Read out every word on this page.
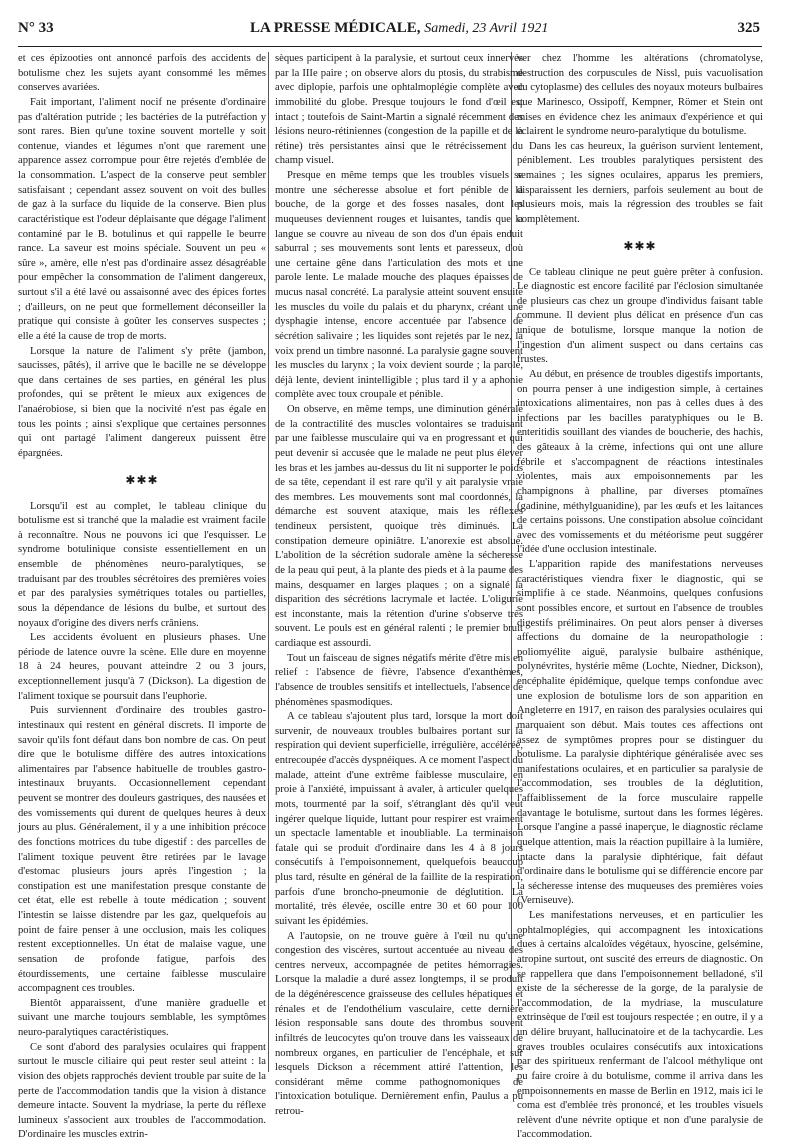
N° 33	LA PRESSE MÉDICALE, Samedi, 23 Avril 1921	325

et ces épizooties ont annoncé parfois des accidents de botulisme chez les sujets ayant consommé les mêmes conserves avariées.

Fait important, l'aliment nocif ne présente d'ordinaire pas d'altération putride ; les bactéries de la putréfaction y sont rares. Bien qu'une toxine souvent mortelle y soit contenue, viandes et légumes n'ont que rarement une apparence assez corrompue pour être rejetés d'emblée de la consommation. L'aspect de la conserve peut sembler satisfaisant ; cependant assez souvent on voit des bulles de gaz à la surface du liquide de la conserve. Bien plus caractéristique est l'odeur déplaisante que dégage l'aliment contaminé par le B. botulinus et qui rappelle le beurre rance. La saveur est moins spéciale. Souvent un peu « sûre », amère, elle n'est pas d'ordinaire assez désagréable pour empêcher la consommation de l'aliment dangereux, surtout s'il a été lavé ou assaisonné avec des épices fortes ; d'ailleurs, on ne peut que formellement déconseiller la pratique qui consiste à goûter les conserves suspectes ; elle a été la cause de trop de morts.

Lorsque la nature de l'aliment s'y prête (jambon, saucisses, pâtés), il arrive que le bacille ne se développe que dans certaines de ses parties, en général les plus profondes, qui se prêtent le mieux aux exigences de l'anaérobiose, si bien que la nocivité n'est pas égale en tous les points ; ainsi s'explique que certaines personnes qui ont partagé l'aliment dangereux puissent être épargnées.

✱✱✱

Lorsqu'il est au complet, le tableau clinique du botulisme est si tranché que la maladie est vraiment facile à reconnaître. Nous ne pouvons ici que l'esquisser. Le syndrome botulinique consiste essentiellement en un ensemble de phénomènes neuro-paralytiques, se traduisant par des troubles sécrétoires des premières voies et par des paralysies symétriques totales ou partielles, sous la dépendance de lésions du bulbe, et surtout des noyaux d'origine des divers nerfs crâniens.

Les accidents évoluent en plusieurs phases. Une période de latence ouvre la scène. Elle dure en moyenne 18 à 24 heures, pouvant atteindre 2 ou 3 jours, exceptionnellement jusqu'à 7 (Dickson). La digestion de l'aliment toxique se poursuit dans l'euphorie.

Puis surviennent d'ordinaire des troubles gastro-intestinaux qui restent en général discrets. Il importe de savoir qu'ils font défaut dans bon nombre de cas. On peut dire que le botulisme diffère des autres intoxications alimentaires par l'absence habituelle de troubles gastro-intestinaux bruyants. Occasionnellement cependant peuvent se montrer des douleurs gastriques, des nausées et des vomissements qui durent de quelques heures à deux jours au plus. Généralement, il y a une inhibition précoce des fonctions motrices du tube digestif : des parcelles de l'aliment toxique peuvent être retirées par le lavage d'estomac plusieurs jours après l'ingestion ; la constipation est une manifestation presque constante de cet état, elle est rebelle à toute médication ; souvent l'intestin se laisse distendre par les gaz, quelquefois au point de faire penser à une occlusion, mais les coliques restent exceptionnelles. Un état de malaise vague, une sensation de profonde fatigue, parfois des étourdissements, une certaine faiblesse musculaire accompagnent ces troubles.

Bientôt apparaissent, d'une manière graduelle et suivant une marche toujours semblable, les symptômes neuro-paralytiques caractéristiques.

Ce sont d'abord des paralysies oculaires qui frappent surtout le muscle ciliaire qui peut rester seul atteint : la vision des objets rapprochés devient trouble par suite de la perte de l'accommodation tandis que la vision à distance demeure intacte. Souvent la mydriase, la perte du réflexe lumineux s'associent aux troubles de l'accommodation. D'ordinaire les muscles extrin-

sèques participent à la paralysie, et surtout ceux innervés par la IIIe paire ; on observe alors du ptosis, du strabisme avec diplopie, parfois une ophtalmoplégie complète avec immobilité du globe. Presque toujours le fond d'œil est intact ; toutefois de Saint-Martin a signalé récemment des lésions neuro-rétiniennes (congestion de la papille et de la rétine) très persistantes ainsi que le rétrécissement du champ visuel.

Presque en même temps que les troubles visuels se montre une sécheresse absolue et fort pénible de la bouche, de la gorge et des fosses nasales, dont les muqueuses deviennent rouges et luisantes, tandis que la langue se couvre au niveau de son dos d'un épais enduit saburral ; ses mouvements sont lents et paresseux, d'où une certaine gêne dans l'articulation des mots et une parole lente. Le malade mouche des plaques épaisses de mucus nasal concrété. La paralysie atteint souvent ensuite les muscles du voile du palais et du pharynx, créant une dysphagie intense, encore accentuée par l'absence de sécrétion salivaire ; les liquides sont rejetés par le nez, la voix prend un timbre nasonné. La paralysie gagne souvent les muscles du larynx ; la voix devient sourde ; la parole, déjà lente, devient inintelligible ; plus tard il y a aphonie complète avec toux croupale et pénible.

On observe, en même temps, une diminution générale de la contractilité des muscles volontaires se traduisant par une faiblesse musculaire qui va en progressant et qui peut devenir si accusée que le malade ne peut plus élever les bras et les jambes au-dessus du lit ni supporter le poids de sa tête, cependant il est rare qu'il y ait paralysie vraie des membres. Les mouvements sont mal coordonnés, la démarche est souvent ataxique, mais les réflexes tendineux persistent, quoique très diminués. La constipation demeure opiniâtre. L'anorexie est absolue. L'abolition de la sécrétion sudorale amène la sécheresse de la peau qui peut, à la plante des pieds et à la paume des mains, desquamer en larges plaques ; on a signalé la disparition des sécrétions lacrymale et lactée. L'oligurie est inconstante, mais la rétention d'urine s'observe très souvent. Le pouls est en général ralenti ; le premier bruit cardiaque est assourdi.

Tout un faisceau de signes négatifs mérite d'être mis en relief : l'absence de fièvre, l'absence d'exanthèmes, l'absence de troubles sensitifs et intellectuels, l'absence de phénomènes spasmodiques.

A ce tableau s'ajoutent plus tard, lorsque la mort doit survenir, de nouveaux troubles bulbaires portant sur la respiration qui devient superficielle, irrégulière, accélérée, entrecoupée d'accès dyspnéiques. A ce moment l'aspect du malade, atteint d'une extrême faiblesse musculaire, en proie à l'anxiété, impuissant à avaler, à articuler quelques mots, tourmenté par la soif, s'étranglant dès qu'il veut ingérer quelque liquide, luttant pour respirer est vraiment un spectacle lamentable et inoubliable. La terminaison fatale qui se produit d'ordinaire dans les 4 à 8 jours consécutifs à l'empoisonnement, quelquefois beaucoup plus tard, résulte en général de la faillite de la respiration, parfois d'une broncho-pneumonie de déglutition. La mortalité, très élevée, oscille entre 30 et 60 pour 100 suivant les épidémies.

A l'autopsie, on ne trouve guère à l'œil nu qu'une congestion des viscères, surtout accentuée au niveau des centres nerveux, accompagnée de petites hémorragies. Lorsque la maladie a duré assez longtemps, il se produit de la dégénérescence graisseuse des cellules hépatiques et rénales et de l'endothélium vasculaire, cette dernière lésion responsable sans doute des thrombus souvent infiltrés de leucocytes qu'on trouve dans les vaisseaux de nombreux organes, en particulier de l'encéphale, et sur lesquels Dickson a récemment attiré l'attention, les considérant même comme pathognomoniques de l'intoxication botulique. Dernièrement enfin, Paulus a pu retrou-

ver chez l'homme les altérations (chromatolyse, destruction des corpuscules de Nissl, puis vacuolisation du cytoplasme) des cellules des noyaux moteurs bulbaires que Marinesco, Ossipoff, Kempner, Römer et Stein ont mises en évidence chez les animaux d'expérience et qui éclairent le syndrome neuro-paralytique du botulisme.

Dans les cas heureux, la guérison survient lentement, péniblement. Les troubles paralytiques persistent des semaines ; les signes oculaires, apparus les premiers, disparaissent les derniers, parfois seulement au bout de plusieurs mois, mais la régression des troubles se fait complètement.

✱✱✱

Ce tableau clinique ne peut guère prêter à confusion. Le diagnostic est encore facilité par l'éclosion simultanée de plusieurs cas chez un groupe d'individus faisant table commune. Il devient plus délicat en présence d'un cas unique de botulisme, lorsque manque la notion de l'ingestion d'un aliment suspect ou dans certains cas frustes.

Au début, en présence de troubles digestifs importants, on pourra penser à une indigestion simple, à certaines intoxications alimentaires, non pas à celles dues à des infections par les bacilles paratyphiques ou le B. enteritidis souillant des viandes de boucherie, des hachis, des gâteaux à la crème, infections qui ont une allure fébrile et s'accompagnent de réactions intestinales violentes, mais aux empoisonnements par les champignons à phalline, par diverses ptomaïnes (gadinine, méthylguanidine), par les œufs et les laitances de certains poissons. Une constipation absolue coïncidant avec des vomissements et du météorisme peut suggérer l'idée d'une occlusion intestinale.

L'apparition rapide des manifestations nerveuses caractéristiques viendra fixer le diagnostic, qui se simplifie à ce stade. Néanmoins, quelques confusions sont possibles encore, et surtout en l'absence de troubles digestifs préliminaires. On peut alors penser à diverses affections du domaine de la neuropathologie : poliomyélite aiguë, paralysie bulbaire asthénique, polynévrites, hystérie même (Lochte, Niedner, Dickson), encéphalite épidémique, quelque temps confondue avec une explosion de botulisme lors de son apparition en Angleterre en 1917, en raison des paralysies oculaires qui marquaient son début. Mais toutes ces affections ont assez de symptômes propres pour se distinguer du botulisme. La paralysie diphtérique généralisée avec ses manifestations oculaires, et en particulier sa paralysie de l'accommodation, ses troubles de la déglutition, l'affaiblissement de la force musculaire rappelle davantage le botulisme, surtout dans les formes légères. Lorsque l'angine a passé inaperçue, le diagnostic réclame quelque attention, mais la réaction pupillaire à la lumière, intacte dans la paralysie diphtérique, fait défaut d'ordinaire dans le botulisme qui se différencie encore par la sécheresse intense des muqueuses des premières voies (Verniseuve).

Les manifestations nerveuses, et en particulier les ophtalmoplégies, qui accompagnent les intoxications dues à certains alcaloïdes végétaux, hyoscine, gelsémine, atropine surtout, ont suscité des erreurs de diagnostic. On se rappellera que dans l'empoisonnement belladoné, s'il existe de la sécheresse de la gorge, de la paralysie de l'accommodation, de la mydriase, la musculature extrinsèque de l'œil est toujours respectée ; en outre, il y a un délire bruyant, hallucinatoire et de la tachycardie. Les graves troubles oculaires consécutifs aux intoxications par des spiritueux renfermant de l'alcool méthylique ont pu faire croire à du botulisme, comme il arriva dans les empoisonnements en masse de Berlin en 1912, mais ici le coma est d'emblée très prononcé, et les troubles visuels relèvent d'une névrite optique et non d'une paralysie de l'accommodation.
